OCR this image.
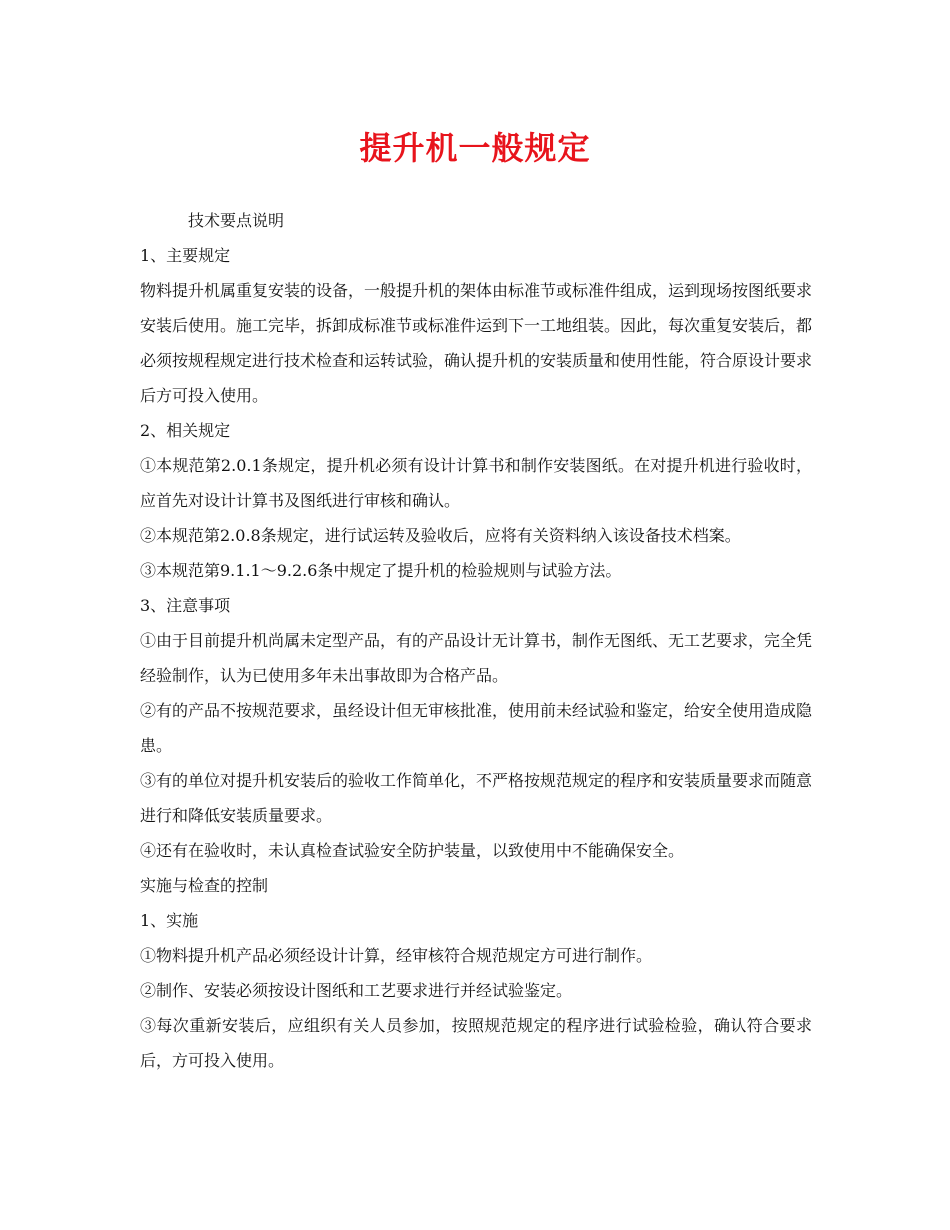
提升机一般规定

技术要点说明

1、主要规定

物料提升机属重复安装的设备，一般提升机的架体由标准节或标准件组成，运到现场按图纸要求安装后使用。施工完毕，拆卸成标准节或标准件运到下一工地组装。因此，每次重复安装后，都必须按规程规定进行技术检查和运转试验，确认提升机的安装质量和使用性能，符合原设计要求后方可投入使用。

2、相关规定

①本规范第2.0.1条规定，提升机必须有设计计算书和制作安装图纸。在对提升机进行验收时，应首先对设计计算书及图纸进行审核和确认。

②本规范第2.0.8条规定，进行试运转及验收后，应将有关资料纳入该设备技术档案。

③本规范第9.1.1～9.2.6条中规定了提升机的检验规则与试验方法。

3、注意事项

①由于目前提升机尚属未定型产品，有的产品设计无计算书，制作无图纸、无工艺要求，完全凭经验制作，认为已使用多年未出事故即为合格产品。

②有的产品不按规范要求，虽经设计但无审核批准，使用前未经试验和鉴定，给安全使用造成隐患。

③有的单位对提升机安装后的验收工作简单化，不严格按规范规定的程序和安装质量要求而随意进行和降低安装质量要求。

④还有在验收时，未认真检查试验安全防护装量，以致使用中不能确保安全。

实施与检查的控制

1、实施

①物料提升机产品必须经设计计算，经审核符合规范规定方可进行制作。

②制作、安装必须按设计图纸和工艺要求进行并经试验鉴定。

③每次重新安装后，应组织有关人员参加，按照规范规定的程序进行试验检验，确认符合要求后，方可投入使用。
